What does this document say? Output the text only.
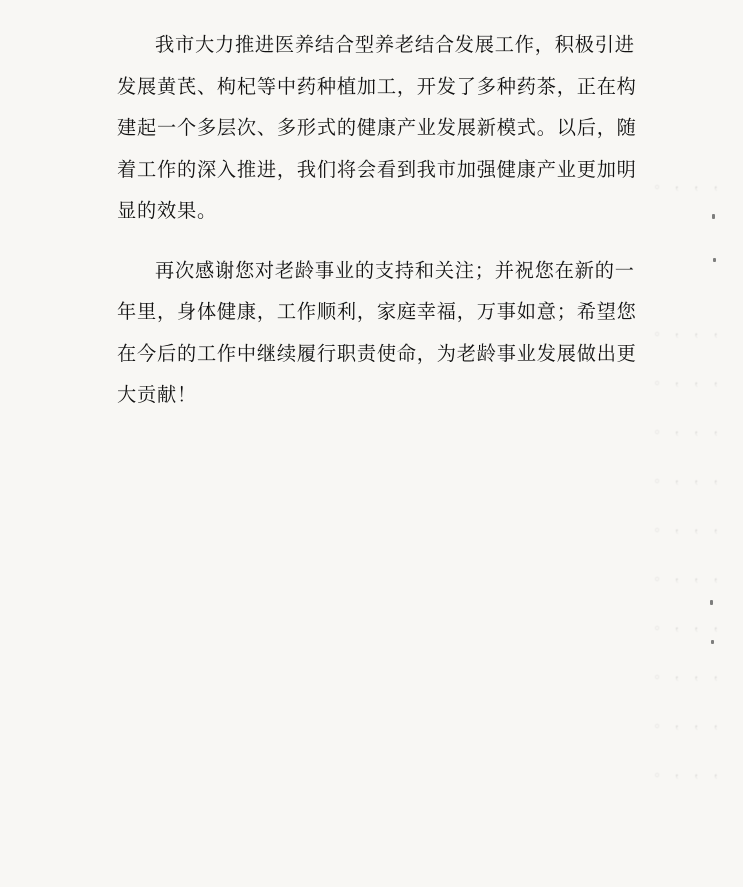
， ， ， 。
， ， ， 。
， ， ， 。
， ， ， 。
， ， ， 。
， ， ， 。
， ， ， 。
， ， ， 。
， ， ， 。
， ， ， 。
， ， ， 。

我市大力推进医养结合型养老结合发展工作，积极引进
发展黄芪、枸杞等中药种植加工，开发了多种药茶，正在构
建起一个多层次、多形式的健康产业发展新模式。以后，随
着工作的深入推进，我们将会看到我市加强健康产业更加明
显的效果。

再次感谢您对老龄事业的支持和关注；并祝您在新的一
年里，身体健康，工作顺利，家庭幸福，万事如意；希望您
在今后的工作中继续履行职责使命，为老龄事业发展做出更
大贡献！
